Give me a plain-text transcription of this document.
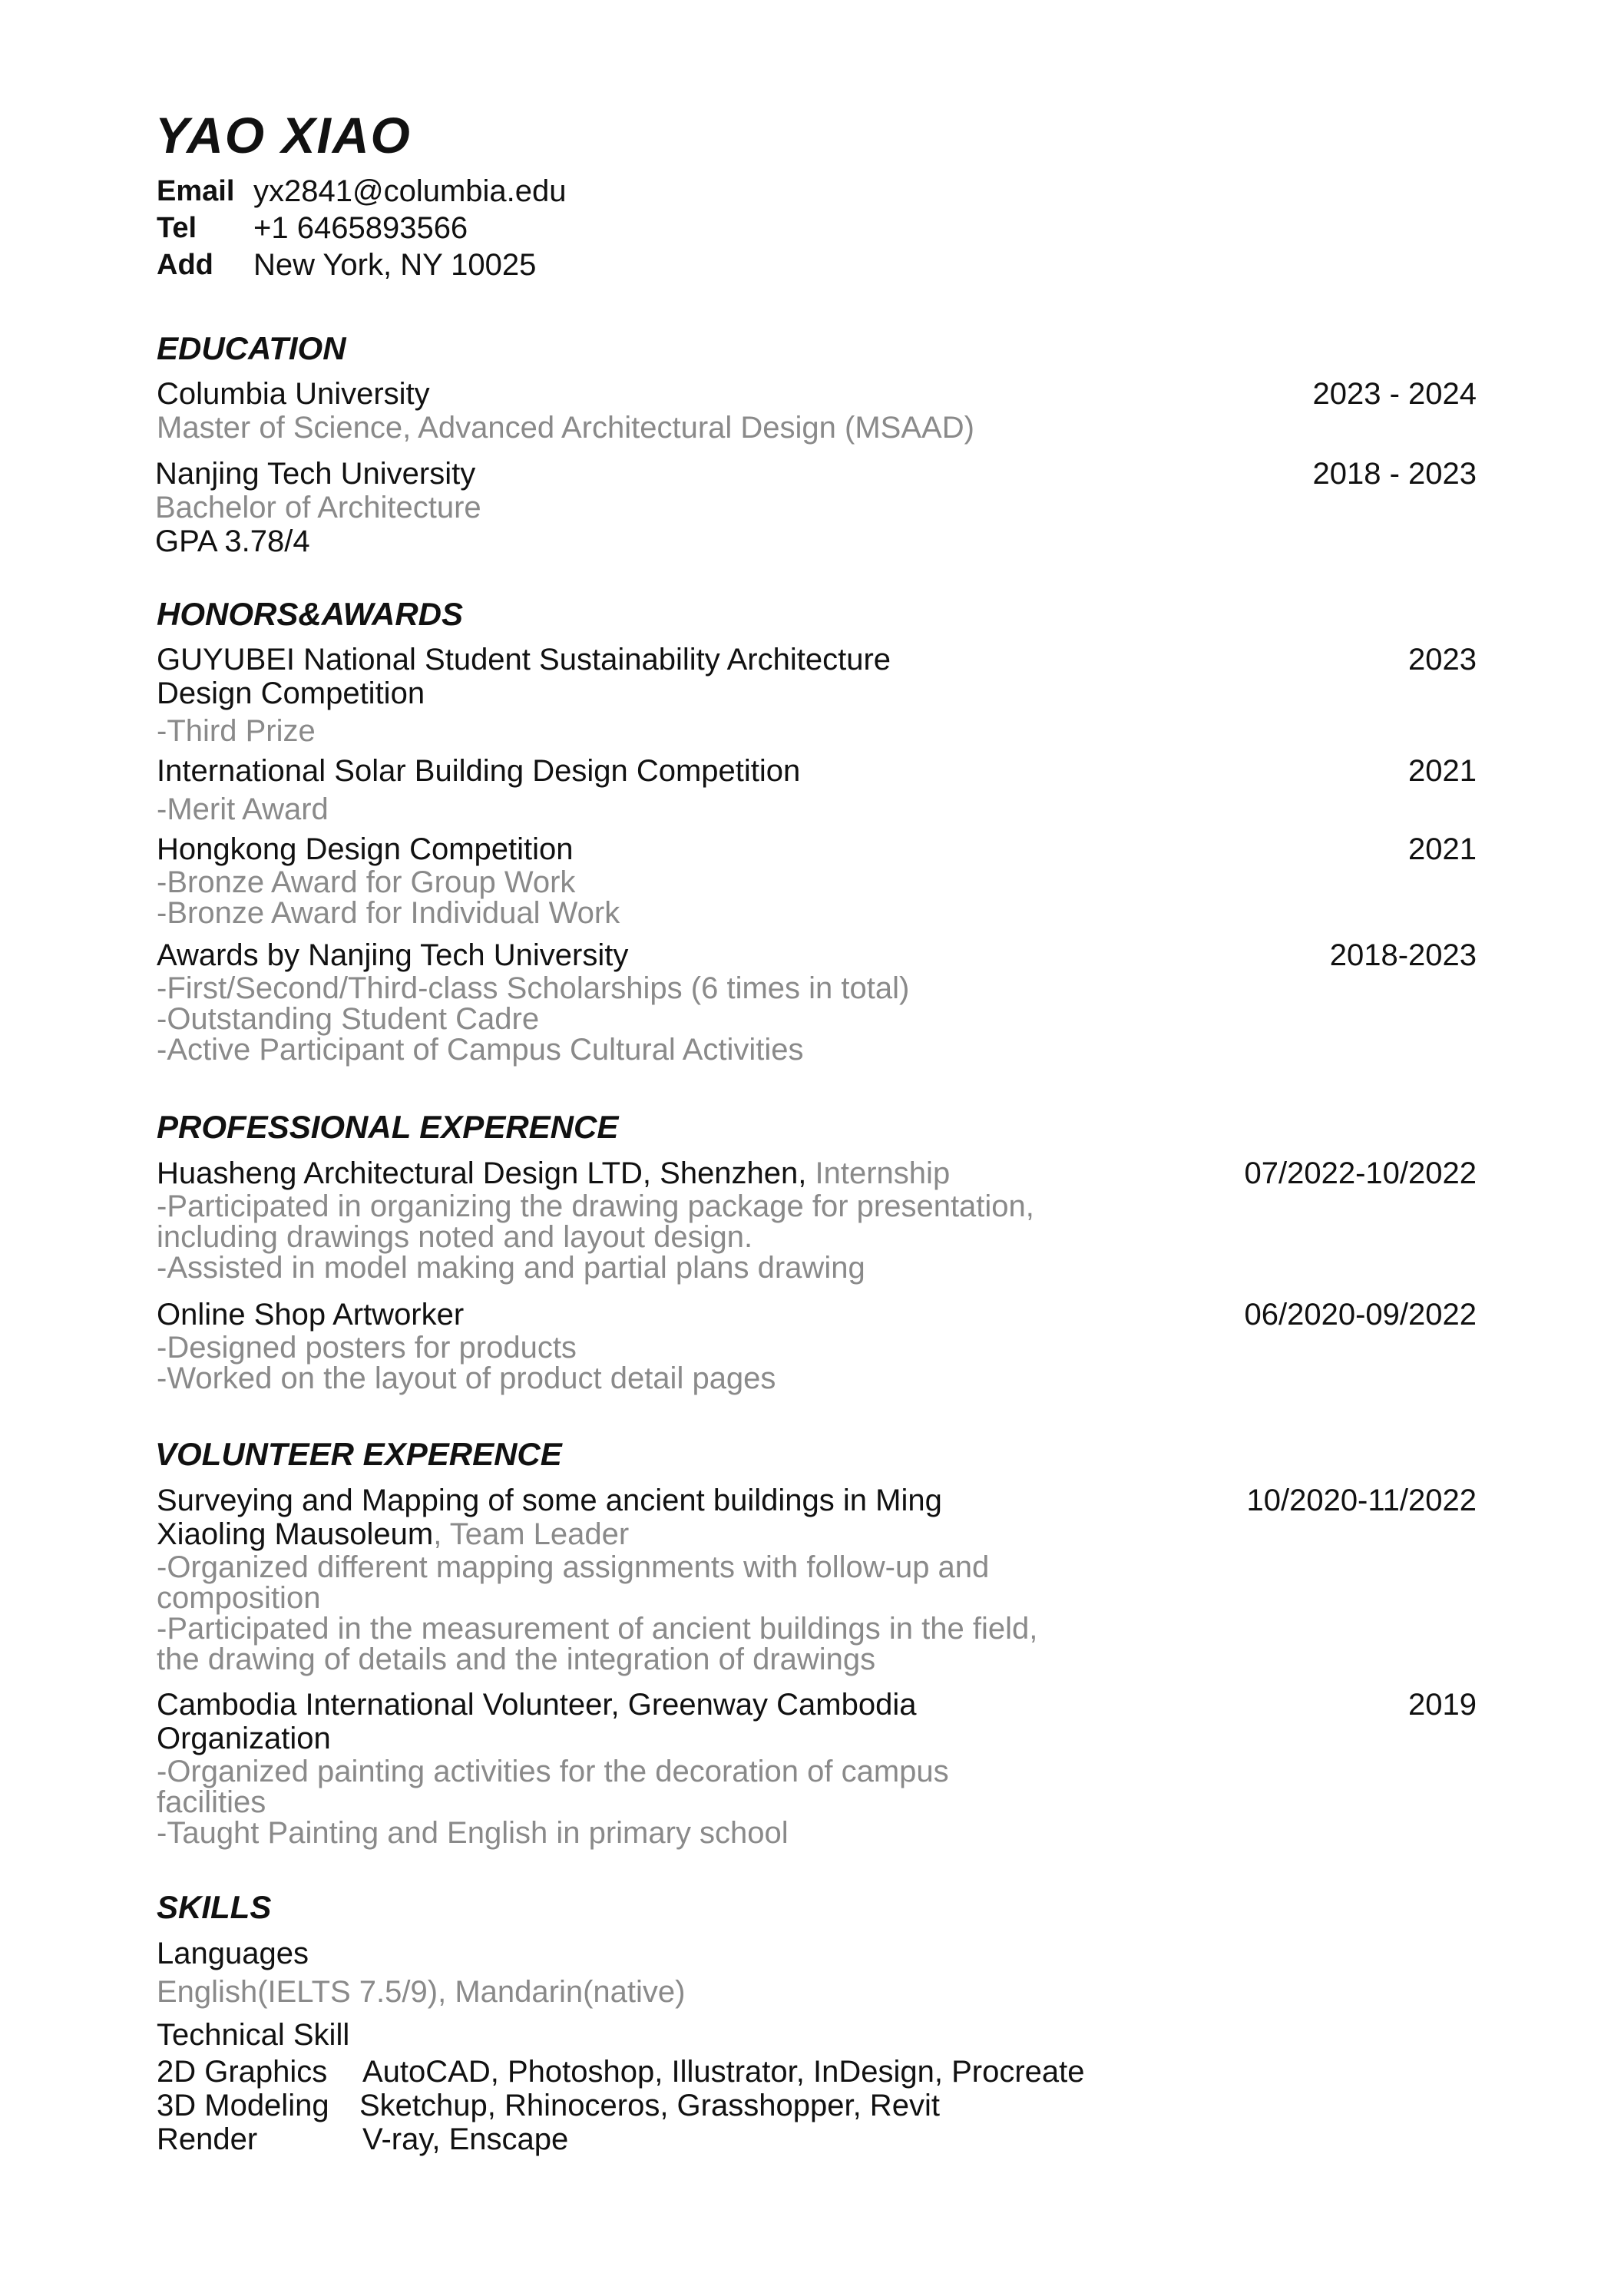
YAO XIAO
Email yx2841@columbia.edu
Tel +1 6465893566
Add New York, NY 10025
EDUCATION
Columbia University
Master of Science, Advanced Architectural Design (MSAAD)
2023 - 2024
Nanjing Tech University
Bachelor of Architecture
GPA 3.78/4
2018 - 2023
HONORS&AWARDS
GUYUBEI National Student Sustainability Architecture
Design Competition
-Third Prize
2023
International Solar Building Design Competition
-Merit Award
2021
Hongkong Design Competition
-Bronze Award for Group Work
-Bronze Award for Individual Work
2021
Awards by Nanjing Tech University
-First/Second/Third-class Scholarships (6 times in total)
-Outstanding Student Cadre
-Active Participant of Campus Cultural Activities
2018-2023
PROFESSIONAL EXPERENCE
Huasheng Architectural Design LTD, Shenzhen, Internship
-Participated in organizing the drawing package for presentation,
including drawings noted and layout design.
-Assisted in model making and partial plans drawing
07/2022-10/2022
Online Shop Artworker
-Designed posters for products
-Worked on the layout of product detail pages
06/2020-09/2022
VOLUNTEER EXPERENCE
Surveying and Mapping of some ancient buildings in Ming
Xiaoling Mausoleum, Team Leader
-Organized different mapping assignments with follow-up and
composition
-Participated in the measurement of ancient buildings in the field,
the drawing of details and the integration of drawings
10/2020-11/2022
Cambodia International Volunteer, Greenway Cambodia
Organization
-Organized painting activities for the decoration of campus
facilities
-Taught Painting and English in primary school
2019
SKILLS
Languages
English(IELTS 7.5/9), Mandarin(native)
Technical Skill
2D Graphics AutoCAD, Photoshop, Illustrator, InDesign, Procreate
3D Modeling Sketchup, Rhinoceros, Grasshopper, Revit
Render	V-ray, Enscape
